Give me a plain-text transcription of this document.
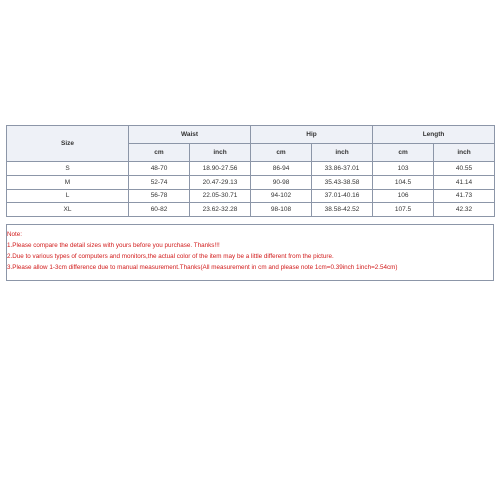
Size	Waist		Hip		Length	
	cm	inch	cm	inch	cm	inch
S	48-70	18.90-27.56	86-94	33.86-37.01	103	40.55
M	52-74	20.47-29.13	90-98	35.43-38.58	104.5	41.14
L	56-78	22.05-30.71	94-102	37.01-40.16	106	41.73
XL	60-82	23.62-32.28	98-108	38.58-42.52	107.5	42.32
Note:
1.Please compare the detail sizes with yours before you purchase. Thanks!!!
2.Due to various types of computers and monitors,the actual color of the item may be a little different from the picture.
3.Please allow 1-3cm difference due to manual measurement.Thanks(All measurement in cm and please note 1cm=0.39inch 1inch=2.54cm)
